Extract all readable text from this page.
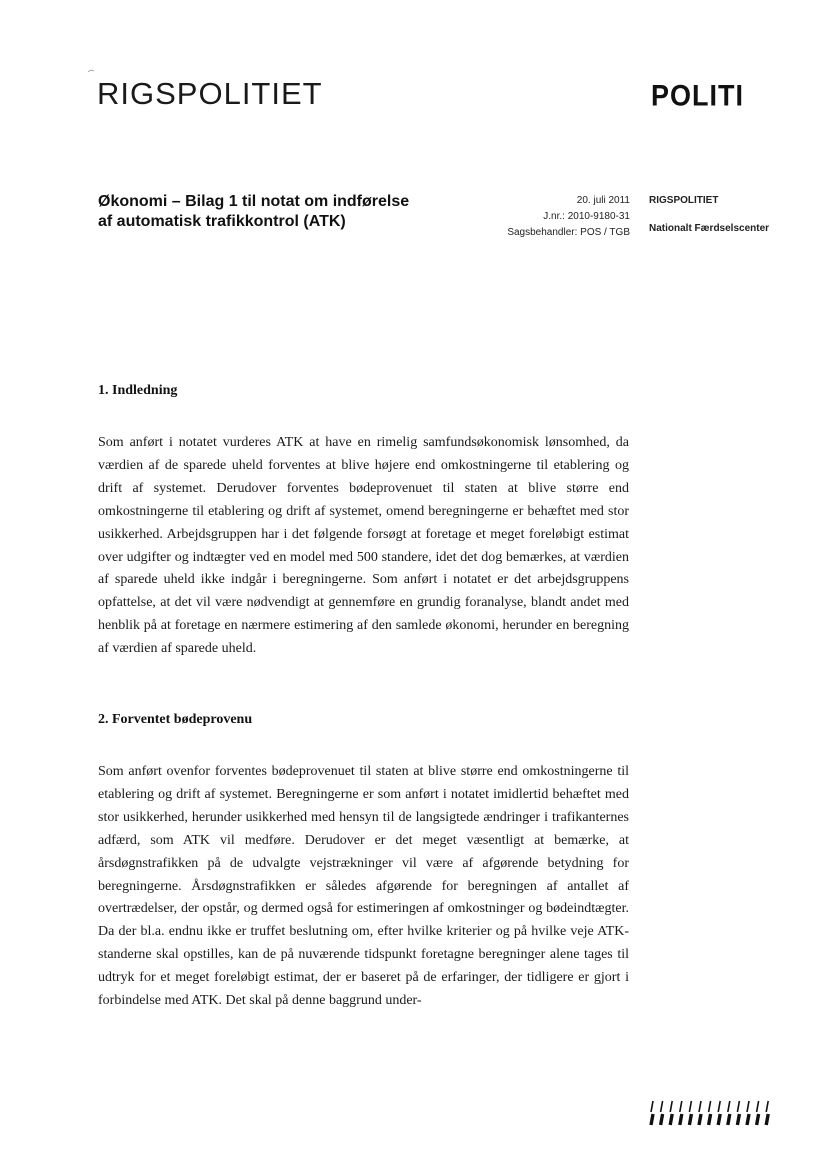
RIGSPOLITIET	POLITI
Økonomi – Bilag 1 til notat om indførelse
af automatisk trafikkontrol (ATK)
20. juli 2011
J.nr.: 2010-9180-31
Sagsbehandler: POS / TGB
RIGSPOLITIET
Nationalt Færdselscenter
1. Indledning
Som anført i notatet vurderes ATK at have en rimelig samfundsøkonomisk lønsomhed, da værdien af de sparede uheld forventes at blive højere end omkostningerne til etablering og drift af systemet. Derudover forventes bødeprovenuet til staten at blive større end omkostningerne til etablering og drift af systemet, omend beregningerne er behæftet med stor usikkerhed. Arbejdsgruppen har i det følgende forsøgt at foretage et meget foreløbigt estimat over udgifter og indtægter ved en model med 500 standere, idet det dog bemærkes, at værdien af sparede uheld ikke indgår i beregningerne. Som anført i notatet er det arbejdsgruppens opfattelse, at det vil være nødvendigt at gennemføre en grundig foranalyse, blandt andet med henblik på at foretage en nærmere estimering af den samlede økonomi, herunder en beregning af værdien af sparede uheld.
2. Forventet bødeprovenu
Som anført ovenfor forventes bødeprovenuet til staten at blive større end omkostningerne til etablering og drift af systemet. Beregningerne er som anført i notatet imidlertid behæftet med stor usikkerhed, herunder usikkerhed med hensyn til de langsigtede ændringer i trafikanternes adfærd, som ATK vil medføre. Derudover er det meget væsentligt at bemærke, at årsdøgnstrafikken på de udvalgte vejstrækninger vil være af afgørende betydning for beregningerne. Årsdøgnstrafikken er således afgørende for beregningen af antallet af overtrædelser, der opstår, og dermed også for estimeringen af omkostninger og bødeindtægter. Da der bl.a. endnu ikke er truffet beslutning om, efter hvilke kriterier og på hvilke veje ATK-standerne skal opstilles, kan de på nuværende tidspunkt foretagne beregninger alene tages til udtryk for et meget foreløbigt estimat, der er baseret på de erfaringer, der tidligere er gjort i forbindelse med ATK. Det skal på denne baggrund under-
